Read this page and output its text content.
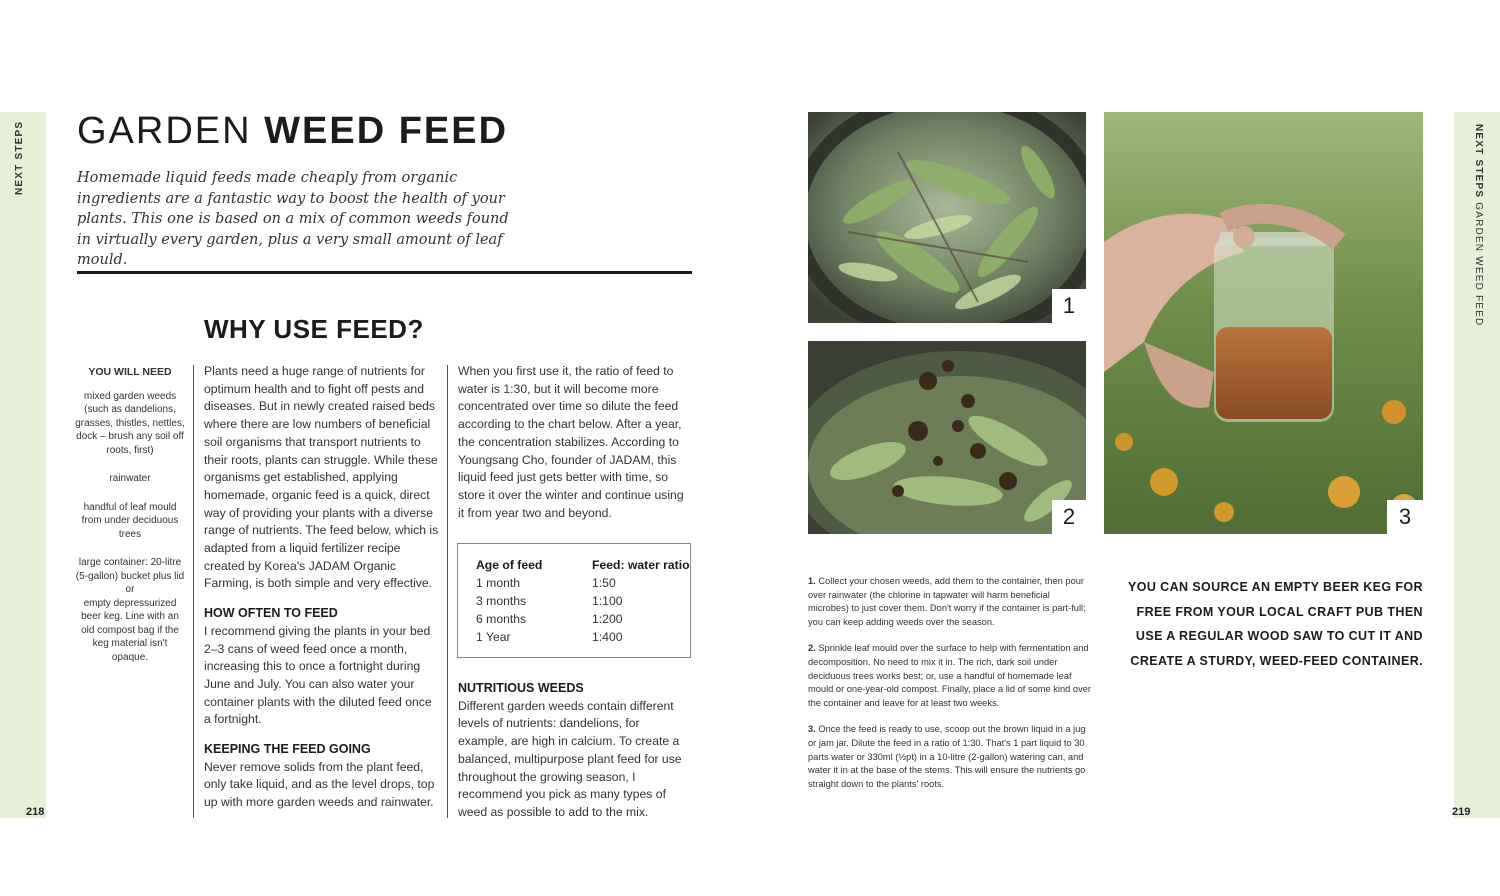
NEXT STEPS	NEXT STEPS GARDEN WEED FEED
218	219
GARDEN WEED FEED
Homemade liquid feeds made cheaply from organic ingredients are a fantastic way to boost the health of your plants. This one is based on a mix of common weeds found in virtually every garden, plus a very small amount of leaf mould.
WHY USE FEED?
YOU WILL NEED
mixed garden weeds (such as dandelions, grasses, thistles, nettles, dock – brush any soil off roots, first)
rainwater
handful of leaf mould from under deciduous trees
large container: 20-litre (5-gallon) bucket plus lid
or
empty depressurized beer keg. Line with an old compost bag if the keg material isn't opaque.

Plants need a huge range of nutrients for optimum health and to fight off pests and diseases. But in newly created raised beds where there are low numbers of beneficial soil organisms that transport nutrients to their roots, plants can struggle. While these organisms get established, applying homemade, organic feed is a quick, direct way of providing your plants with a diverse range of nutrients. The feed below, which is adapted from a liquid fertilizer recipe created by Korea's JADAM Organic Farming, is both simple and very effective.

HOW OFTEN TO FEED

I recommend giving the plants in your bed 2–3 cans of weed feed once a month, increasing this to once a fortnight during June and July. You can also water your container plants with the diluted feed once a fortnight.

KEEPING THE FEED GOING

Never remove solids from the plant feed, only take liquid, and as the level drops, top up with more garden weeds and rainwater.

When you first use it, the ratio of feed to water is 1:30, but it will become more concentrated over time so dilute the feed according to the chart below. After a year, the concentration stabilizes. According to Youngsang Cho, founder of JADAM, this liquid feed just gets better with time, so store it over the winter and continue using it from year two and beyond.

NUTRITIOUS WEEDS

Different garden weeds contain different levels of nutrients: dandelions, for example, are high in calcium. To create a balanced, multipurpose plant feed for use throughout the growing season, I recommend you pick as many types of weed as possible to add to the mix.

Age of feed	Feed: water ratio
1 month	1:50
3 months	1:100
6 months	1:200
1 Year	1:400
1
2	3

1. Collect your chosen weeds, add them to the container, then pour over rainwater (the chlorine in tapwater will harm beneficial microbes) to just cover them. Don't worry if the container is part-full; you can keep adding weeds over the season.

2. Sprinkle leaf mould over the surface to help with fermentation and decomposition. No need to mix it in. The rich, dark soil under deciduous trees works best; or, use a handful of homemade leaf mould or one-year-old compost. Finally, place a lid of some kind over the container and leave for at least two weeks.

3. Once the feed is ready to use, scoop out the brown liquid in a jug or jam jar. Dilute the feed in a ratio of 1:30. That's 1 part liquid to 30 parts water or 330ml (½pt) in a 10-litre (2-gallon) watering can, and water it in at the base of the stems. This will ensure the nutrients go straight down to the plants' roots.

YOU CAN SOURCE AN EMPTY BEER KEG FOR FREE FROM YOUR LOCAL CRAFT PUB THEN USE A REGULAR WOOD SAW TO CUT IT AND CREATE A STURDY, WEED-FEED CONTAINER.
